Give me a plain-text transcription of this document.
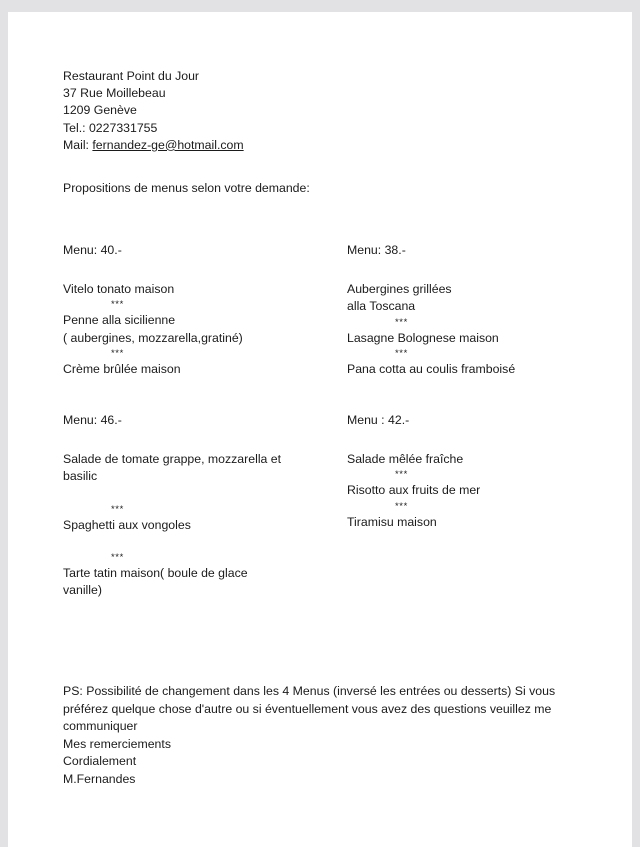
Restaurant Point du Jour
37 Rue Moillebeau
1209 Genève
Tel.: 0227331755
Mail: fernandez-ge@hotmail.com
Propositions de menus selon votre demande:

Menu: 40.-

Vitelo tonato maison

***

Penne alla sicilienne

( aubergines, mozzarella,gratiné)

***

Crème brûlée maison

Menu: 38.-

Aubergines grillées

alla Toscana

***

Lasagne Bolognese maison

***

Pana cotta au coulis framboisé

Menu: 46.-

Salade de tomate grappe, mozzarella et

basilic

***

Spaghetti aux vongoles

***

Tarte tatin maison( boule de glace

vanille)

Menu : 42.-

Salade mêlée fraîche

***

Risotto aux fruits de mer

***

Tiramisu maison

PS: Possibilité de changement dans les 4 Menus (inversé les entrées ou desserts) Si vous préférez quelque chose d'autre ou si éventuellement vous avez des questions veuillez me communiquer

Mes remerciements

Cordialement

M.Fernandes
